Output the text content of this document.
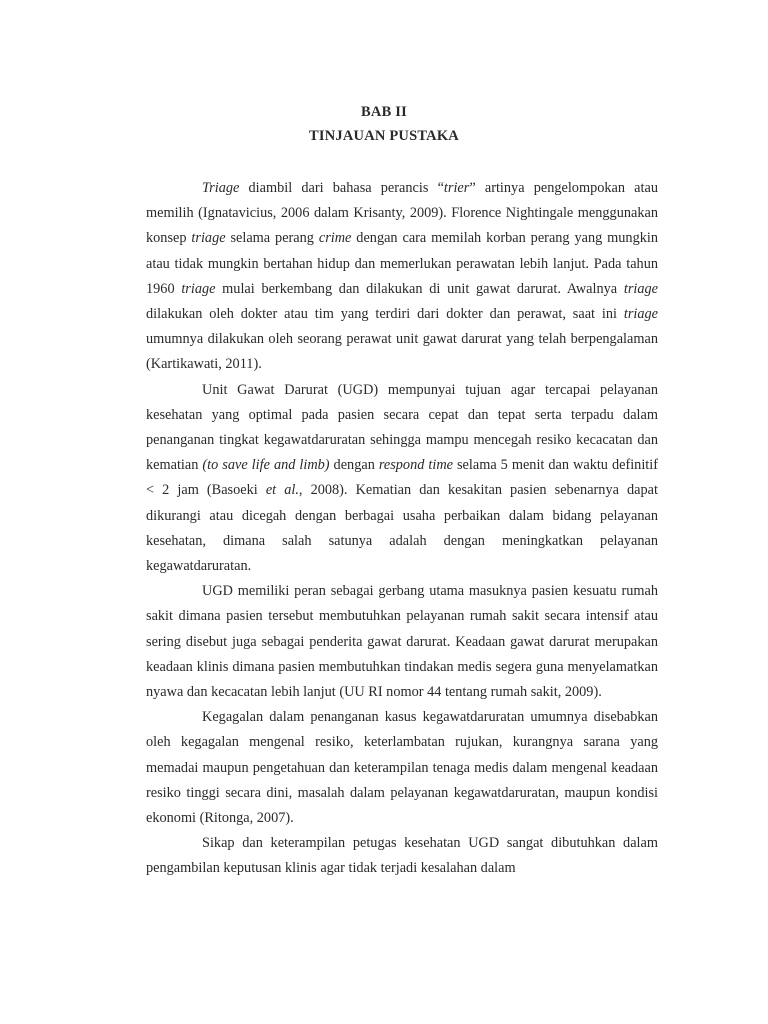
BAB II
TINJAUAN PUSTAKA

Triage diambil dari bahasa perancis “trier” artinya pengelompokan atau memilih (Ignatavicius, 2006 dalam Krisanty, 2009). Florence Nightingale menggunakan konsep triage selama perang crime dengan cara memilah korban perang yang mungkin atau tidak mungkin bertahan hidup dan memerlukan perawatan lebih lanjut. Pada tahun 1960 triage mulai berkembang dan dilakukan di unit gawat darurat. Awalnya triage dilakukan oleh dokter atau tim yang terdiri dari dokter dan perawat, saat ini triage umumnya dilakukan oleh seorang perawat unit gawat darurat yang telah berpengalaman (Kartikawati, 2011).

Unit Gawat Darurat (UGD) mempunyai tujuan agar tercapai pelayanan kesehatan yang optimal pada pasien secara cepat dan tepat serta terpadu dalam penanganan tingkat kegawatdaruratan sehingga mampu mencegah resiko kecacatan dan kematian (to save life and limb) dengan respond time selama 5 menit dan waktu definitif < 2 jam (Basoeki et al., 2008). Kematian dan kesakitan pasien sebenarnya dapat dikurangi atau dicegah dengan berbagai usaha perbaikan dalam bidang pelayanan kesehatan, dimana salah satunya adalah dengan meningkatkan pelayanan kegawatdaruratan.

UGD memiliki peran sebagai gerbang utama masuknya pasien kesuatu rumah sakit dimana pasien tersebut membutuhkan pelayanan rumah sakit secara intensif atau sering disebut juga sebagai penderita gawat darurat. Keadaan gawat darurat merupakan keadaan klinis dimana pasien membutuhkan tindakan medis segera guna menyelamatkan nyawa dan kecacatan lebih lanjut (UU RI nomor 44 tentang rumah sakit, 2009).

Kegagalan dalam penanganan kasus kegawatdaruratan umumnya disebabkan oleh kegagalan mengenal resiko, keterlambatan rujukan, kurangnya sarana yang memadai maupun pengetahuan dan keterampilan tenaga medis dalam mengenal keadaan resiko tinggi secara dini, masalah dalam pelayanan kegawatdaruratan, maupun kondisi ekonomi (Ritonga, 2007).

Sikap dan keterampilan petugas kesehatan UGD sangat dibutuhkan dalam pengambilan keputusan klinis agar tidak terjadi kesalahan dalam
